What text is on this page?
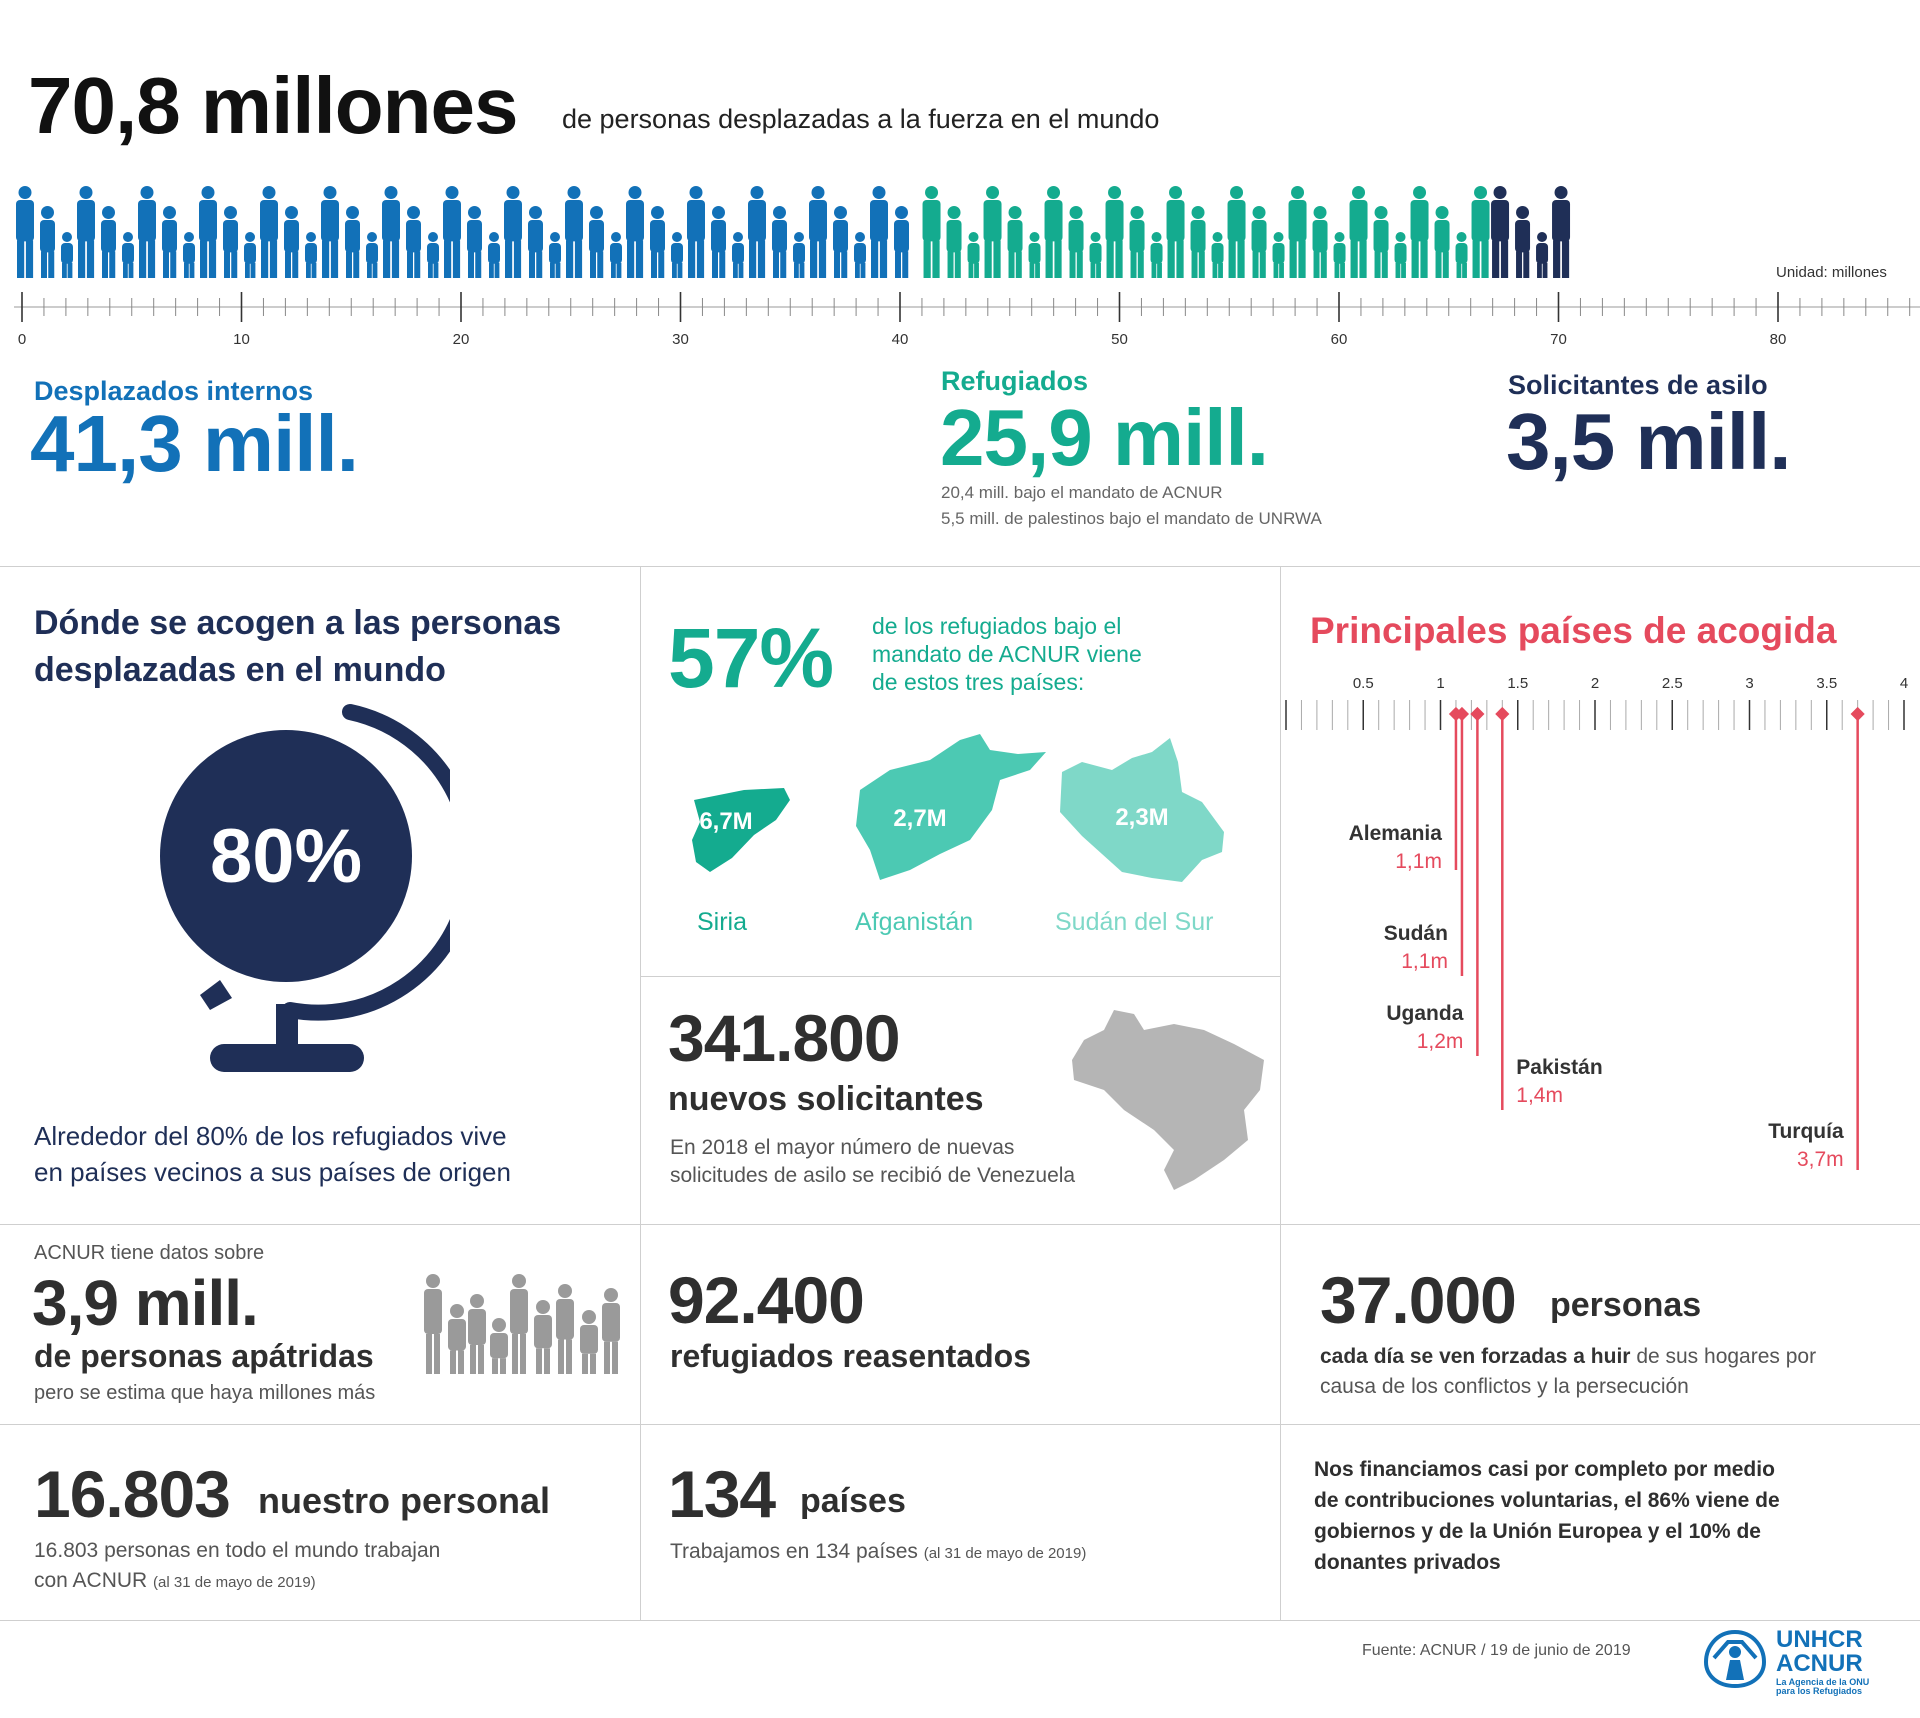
70,8 millones de personas desplazadas a la fuerza en el mundo
Unidad: millones
0	10	20	30	40	50	60	70	80
Desplazados internos
41,3 mill.
Refugiados
25,9 mill.
20,4 mill. bajo el mandato de ACNUR
5,5 mill. de palestinos bajo el mandato de UNRWA
Solicitantes de asilo
3,5 mill.
Dónde se acogen a las personas
desplazadas en el mundo
80%
Alrededor del 80% de los refugiados vive
en países vecinos a sus países de origen
57% de los refugiados bajo el
mandato de ACNUR viene
de estos tres países:
6,7M
Siria
2,7M
Afganistán
2,3M
Sudán del Sur
Principales países de acogida
0.5	1	1.5	2	2.5	3	3.5	4
Alemania
1,1m
Sudán
1,1m
Uganda
1,2m
Pakistán
1,4m
Turquía
3,7m
341.800
nuevos solicitantes
En 2018 el mayor número de nuevas
solicitudes de asilo se recibió de Venezuela
ACNUR tiene datos sobre
3,9 mill.
de personas apátridas
pero se estima que haya millones más
92.400
refugiados reasentados
37.000 personas
cada día se ven forzadas a huir de sus hogares por
causa de los conflictos y la persecución
16.803 nuestro personal
16.803 personas en todo el mundo trabajan
con ACNUR (al 31 de mayo de 2019)
134 países
Trabajamos en 134 países (al 31 de mayo de 2019)
Nos financiamos casi por completo por medio
de contribuciones voluntarias, el 86% viene de
gobiernos y de la Unión Europea y el 10% de
donantes privados
Fuente: ACNUR / 19 de junio de 2019	UNHCR
ACNUR
La Agencia de la ONU
para los Refugiados
